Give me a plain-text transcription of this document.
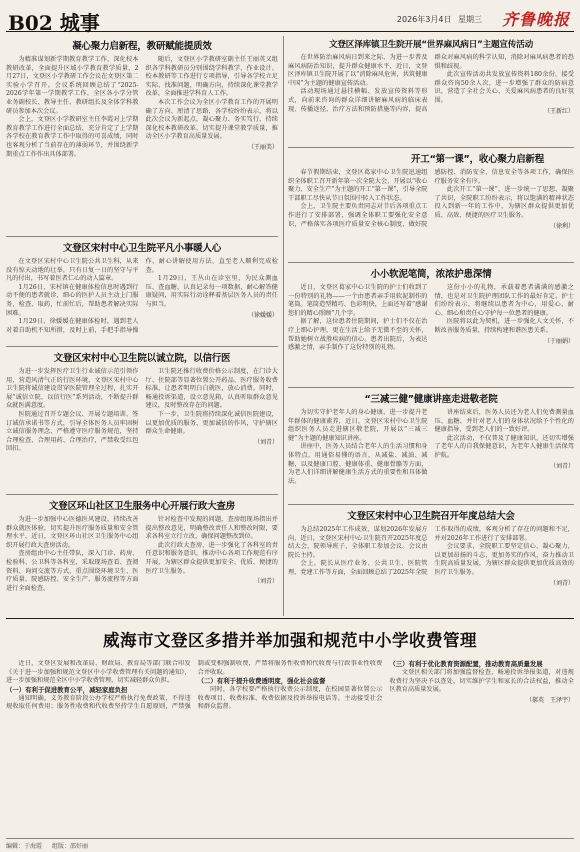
B02 城事	2026年3月4日 星期三 齐鲁晚报
凝心聚力启新程，教研赋能提质效

为精准谋划新学期教育教学工作，深化校本教研改革，全面提升区域小学教育教学质量，2月27日，文登区小学教研工作会议在文登区第二实验小学召开。会议系统回顾总结了“2025-2026学年第一学期教学工作，全区各小学分管业务副校长、教导主任、教研组长及全体学科教研员参加本次会议。

会上，文登区小学教研室主任李霞对上学期教育教学工作进行全面总结，充分肯定了上学期各学校在教育教学工作中取得的可喜成绩，同时也客观分析了当前存在的薄弱环节，并围绕新学期重点工作作出具体部署。

随后，文登区小学教研室副主任王丽英又组织各学科教研员分别围绕学科教学、作业设计、校本教研等工作进行专项指导，引导各学校立足实际，找准问题，明确方向，持续深化课堂教学改革，全面推进学科育人工作。

本次工作会议为全区小学教育工作的开展明确了方向、厘清了思路，各学校纷纷表示，将以此次会议为新起点，凝心聚力、务实笃行，持续深化校本教研改革，切实提升课堂教学质量，推动全区小学教育高质量发展。

（王丽美）
文登区宋村中心卫生院平凡小事暖人心

在文登区宋村中心卫生院公共卫生科，从来没有惊天动地的壮举，只有日复一日的坚守与平凡的付出，书写着医者仁心的动人篇章。

1月26日，宋村镇在健康体检信息时遇到行动不便的患者就诊，细心的医护人员主动上门服务，检查、取药，忙前忙后，帮助患者解决实际困难。

1月29日，徐媛媛在健康体检时，遇到老人对着自助机不知所措，及时上前，手把手指导操作，耐心讲解使用方法，直至老人顺利完成检查。

1月29日，王丛山在诊室里，为民众测血压、查血糖，认真记录每一项数据，耐心解答健康疑问，用实际行动诠释着基层医务人员的责任与担当。

（徐媛媛）
文登区宋村中心卫生院以诚立院，以信行医

为进一步发挥医疗卫生行业诚信示范引领作用，营造风清气正的行医环境，文登区宋村中心卫生院将诚信建设贯穿医院管理全过程，扎实开展“诚信立院、以信行医”系列活动，不断提升群众就医满意度。

医院通过召开专题会议、开展专题培训、签订诚信承诺书等方式，引导全体医务人员牢固树立诚信服务理念，严格遵守医疗服务规范，坚持合理检查、合理用药、合理治疗，严禁收受红包回扣。

卫生院还推行收费价格公示制度，在门诊大厅、住院部等显著位置公开药品、医疗服务收费标准，让患者明明白白就医，放心消费。同时，畅通投诉渠道，设立意见箱，认真听取群众意见建议，及时整改存在的问题。

下一步，卫生院将持续深化诚信医院建设，以更加优质的服务、更加诚信的作风，守护辖区群众生命健康。

（刘青）
文登区环山社区卫生服务中心开展行政大查房

为进一步加强中心医德医风建设，持续改善群众就医体验，切实提升医疗服务质量和安全管理水平，近日，文登区环山社区卫生服务中心组织开展行政大查房活动。

查房组由中心主任带队，深入门诊、药房、检验科、公卫科等各科室，采取现场查看、查阅资料、询问交流等方式，重点围绕环境卫生、医疗质量、院感防控、安全生产、服务流程等方面进行全面检查。

针对检查中发现的问题，查房组现场指出并提出整改意见，明确整改责任人和整改时限，要求各科室立行立改，确保问题整改到位。

此次行政大查房，进一步强化了各科室的责任意识和服务意识，推动中心各项工作规范有序开展，为辖区群众提供更加安全、优质、便捷的医疗卫生服务。

（刘青）
文登区泽库镇卫生院开展“世界麻风病日”主题宣传活动

在世界防治麻风病日到来之际，为进一步普及麻风病防治知识，提升群众健康水平，近日，文登区泽库镇卫生院开展了以“消除麻风危害，共筑健康中国”为主题的健康宣传活动。

活动现场通过悬挂横幅、发放宣传资料等形式，向前来咨询的群众详细讲解麻风病的临床表现、传播途径、治疗方法和预防措施等内容，提高群众对麻风病的科学认知，消除对麻风病患者的恐惧和歧视。

此次宣传活动共发放宣传资料180余份，接受群众咨询50余人次，进一步增强了群众的防病意识，营造了全社会关心、关爱麻风病患者的良好氛围。

（王新红）
开工“第一课”，收心聚力启新程

春节假期结束，文登区葛家中心卫生院迅速组织全体职工召开新年第一次全院大会，开展以“收心聚力、安全生产”为主题的开工“第一课”，引导全院干部职工尽快从节日氛围中转入工作状态。

会上，卫生院主要负责同志对节后各项重点工作进行了安排部署，强调全体职工要强化安全意识，严格落实各项医疗质量安全核心制度，做好院感防控、消防安全、信息安全等各项工作，确保医疗服务安全有序。

此次开工“第一课”，进一步统一了思想、凝聚了共识，全院职工纷纷表示，将以饱满的精神状态投入到新一年的工作中，为辖区群众提供更加优质、高效、便捷的医疗卫生服务。

（徐利）
小小软泥笔筒，浓浓护患深情

近日，文登区葛家中心卫生院的护士们收到了一份特别的礼物——一个由患者亲手用软泥制作的笔筒。笔筒造型精巧、色彩明快，上面还写着“感谢您们的精心照顾”几个字。

据了解，这位患者住院期间，护士们不仅在治疗上细心护理，更在生活上给予无微不至的关怀，帮助她树立战胜疾病的信心。患者出院后，为表达感激之情，亲手制作了这份特别的礼物。

这份小小的礼物，承载着患者满满的感激之情，也是对卫生院护理团队工作的最好肯定。护士们纷纷表示，将继续以患者为中心，用爱心、耐心、细心和责任心守护每一位患者的健康。

医院将以此为契机，进一步强化人文关怀，不断改善服务质量，持续构建和谐医患关系。

（于丽娟）
“三减三健”健康讲座走进敬老院

为切实守护老年人的身心健康，进一步提升老年群体的健康素养，近日，文登区宋村中心卫生院组织医务人员走进辖区敬老院，开展以“三减三健”为主题的健康知识讲座。

讲座中，医务人员结合老年人的生活习惯和身体特点，用通俗易懂的语言，从减盐、减油、减糖，以及健康口腔、健康体重、健康骨骼等方面，为老人们详细讲解健康生活方式的重要性和具体做法。

讲座结束后，医务人员还为老人们免费测量血压、血糖，并针对老人们的身体状况给予个性化的健康指导，受到老人们的一致好评。

此次活动，不仅普及了健康知识，还切实增强了老年人的自我保健意识，为老年人健康生活保驾护航。

（刘青）
文登区宋村中心卫生院召开年度总结大会

为总结2025年工作成效、谋划2026年发展方向，近日，文登区宋村中心卫生院召开2025年度总结大会，院领导班子、全体职工参加会议。会议由院长主持。

会上，院长从医疗业务、公共卫生、医院管理、党建工作等方面，全面回顾总结了2025年全院工作取得的成绩，客观分析了存在的问题和不足，并对2026年工作进行了安排部署。

会议要求，全院职工要坚定信心、凝心聚力，以更加昂扬的斗志、更加务实的作风，奋力推动卫生院高质量发展，为辖区群众提供更加优质高效的医疗卫生服务。

（刘青）
威海市文登区多措并举加强和规范中小学收费管理

近日，文登区发展和改革局、财政局、教育局等部门联合印发《关于进一步加强和规范文登区中小学收费管理有关问题的通知》，进一步加强和规范全区中小学收费管理，切实减轻群众负担。

（一）有利于促进教育公平，减轻家庭负担

通知明确，义务教育阶段公办学校严格执行免费政策，不得违规收取任何费用；服务性收费和代收费坚持学生自愿原则，严禁强制或变相强制收费，严禁将服务性收费和代收费与行政事业性收费合并收取。

（二）有利于提升收费透明度，强化社会监督

同时，各学校要严格执行收费公示制度，在校园显著位置公示收费项目、收费标准、收费依据及投诉举报电话等，主动接受社会和群众监督。

（三）有利于优化教育资源配置，推动教育高质量发展

文登区相关部门将加强监督检查，畅通投诉举报渠道，对违规收费行为坚决予以查处，切实维护学生和家长的合法权益，推动全区教育高质量发展。

（郝英　王泽宇）
编辑：于海霞 组版：邵好丽
